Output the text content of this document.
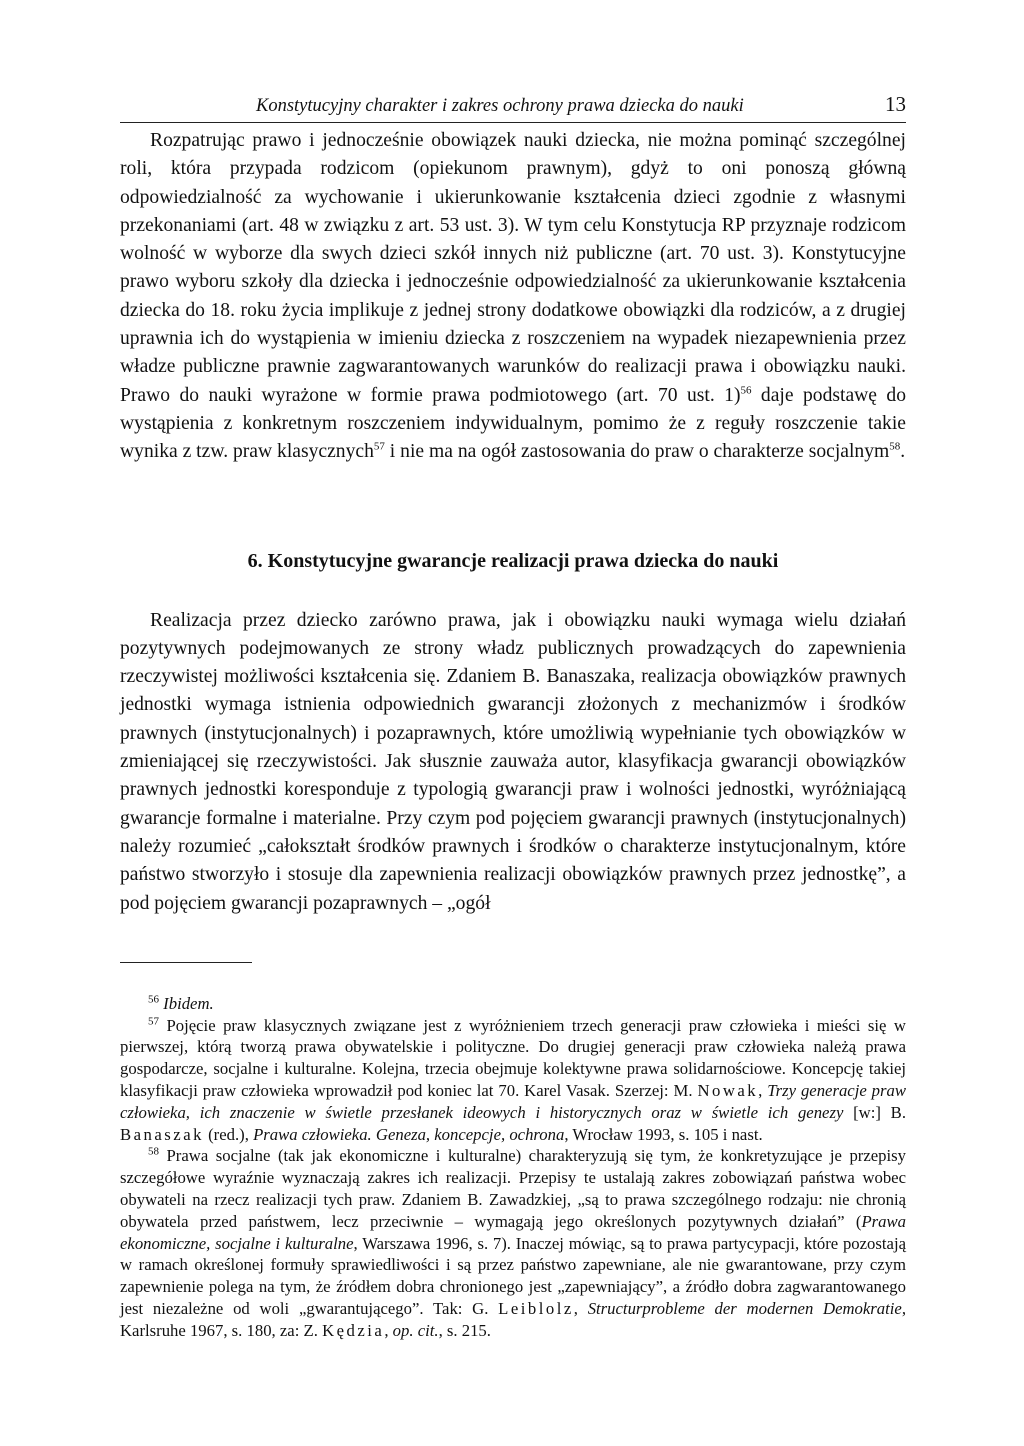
Konstytucyjny charakter i zakres ochrony prawa dziecka do nauki	13

Rozpatrując prawo i jednocześnie obowiązek nauki dziecka, nie można pominąć szczególnej roli, która przypada rodzicom (opiekunom prawnym), gdyż to oni ponoszą główną odpowiedzialność za wychowanie i ukierunkowanie kształcenia dzieci zgodnie z własnymi przekonaniami (art. 48 w związku z art. 53 ust. 3). W tym celu Konstytucja RP przyznaje rodzicom wolność w wyborze dla swych dzieci szkół innych niż publiczne (art. 70 ust. 3). Konstytucyjne prawo wyboru szkoły dla dziecka i jednocześnie odpowiedzialność za ukierunkowanie kształcenia dziecka do 18. roku życia implikuje z jednej strony dodatkowe obowiązki dla rodziców, a z drugiej uprawnia ich do wystąpienia w imieniu dziecka z roszczeniem na wypadek niezapewnienia przez władze publiczne prawnie zagwarantowanych warunków do realizacji prawa i obowiązku nauki. Prawo do nauki wyrażone w formie prawa podmiotowego (art. 70 ust. 1)$^{56}$ daje podstawę do wystąpienia z konkretnym roszczeniem indywidualnym, pomimo że z reguły roszczenie takie wynika z tzw. praw klasycznych$^{57}$ i nie ma na ogół zastosowania do praw o charakterze socjalnym$^{58}$.

6. Konstytucyjne gwarancje realizacji prawa dziecka do nauki

Realizacja przez dziecko zarówno prawa, jak i obowiązku nauki wymaga wielu działań pozytywnych podejmowanych ze strony władz publicznych prowadzących do zapewnienia rzeczywistej możliwości kształcenia się. Zdaniem B. Banaszaka, realizacja obowiązków prawnych jednostki wymaga istnienia odpowiednich gwarancji złożonych z mechanizmów i środków prawnych (instytucjonalnych) i pozaprawnych, które umożliwią wypełnianie tych obowiązków w zmieniającej się rzeczywistości. Jak słusznie zauważa autor, klasyfikacja gwarancji obowiązków prawnych jednostki koresponduje z typologią gwarancji praw i wolności jednostki, wyróżniającą gwarancje formalne i materialne. Przy czym pod pojęciem gwarancji prawnych (instytucjonalnych) należy rozumieć „całokształt środków prawnych i środków o charakterze instytucjonalnym, które państwo stworzyło i stosuje dla zapewnienia realizacji obowiązków prawnych przez jednostkę”, a pod pojęciem gwarancji pozaprawnych – „ogół

$^{56}$ Ibidem.

$^{57}$ Pojęcie praw klasycznych związane jest z wyróżnieniem trzech generacji praw człowieka i mieści się w pierwszej, którą tworzą prawa obywatelskie i polityczne. Do drugiej generacji praw człowieka należą prawa gospodarcze, socjalne i kulturalne. Kolejna, trzecia obejmuje kolektywne prawa solidarnościowe. Koncepcję takiej klasyfikacji praw człowieka wprowadził pod koniec lat 70. Karel Vasak. Szerzej: M. Nowak, Trzy generacje praw człowieka, ich znaczenie w świetle przesłanek ideowych i historycznych oraz w świetle ich genezy [w:] B. Banaszak (red.), Prawa człowieka. Geneza, koncepcje, ochrona, Wrocław 1993, s. 105 i nast.

$^{58}$ Prawa socjalne (tak jak ekonomiczne i kulturalne) charakteryzują się tym, że konkretyzujące je przepisy szczegółowe wyraźnie wyznaczają zakres ich realizacji. Przepisy te ustalają zakres zobowiązań państwa wobec obywateli na rzecz realizacji tych praw. Zdaniem B. Zawadzkiej, „są to prawa szczególnego rodzaju: nie chronią obywatela przed państwem, lecz przeciwnie – wymagają jego określonych pozytywnych działań” (Prawa ekonomiczne, socjalne i kulturalne, Warszawa 1996, s. 7). Inaczej mówiąc, są to prawa partycypacji, które pozostają w ramach określonej formuły sprawiedliwości i są przez państwo zapewniane, ale nie gwarantowane, przy czym zapewnienie polega na tym, że źródłem dobra chronionego jest „zapewniający”, a źródło dobra zagwarantowanego jest niezależne od woli „gwarantującego”. Tak: G. Leiblolz, Structurprobleme der modernen Demokratie, Karlsruhe 1967, s. 180, za: Z. Kędzia, op. cit., s. 215.
